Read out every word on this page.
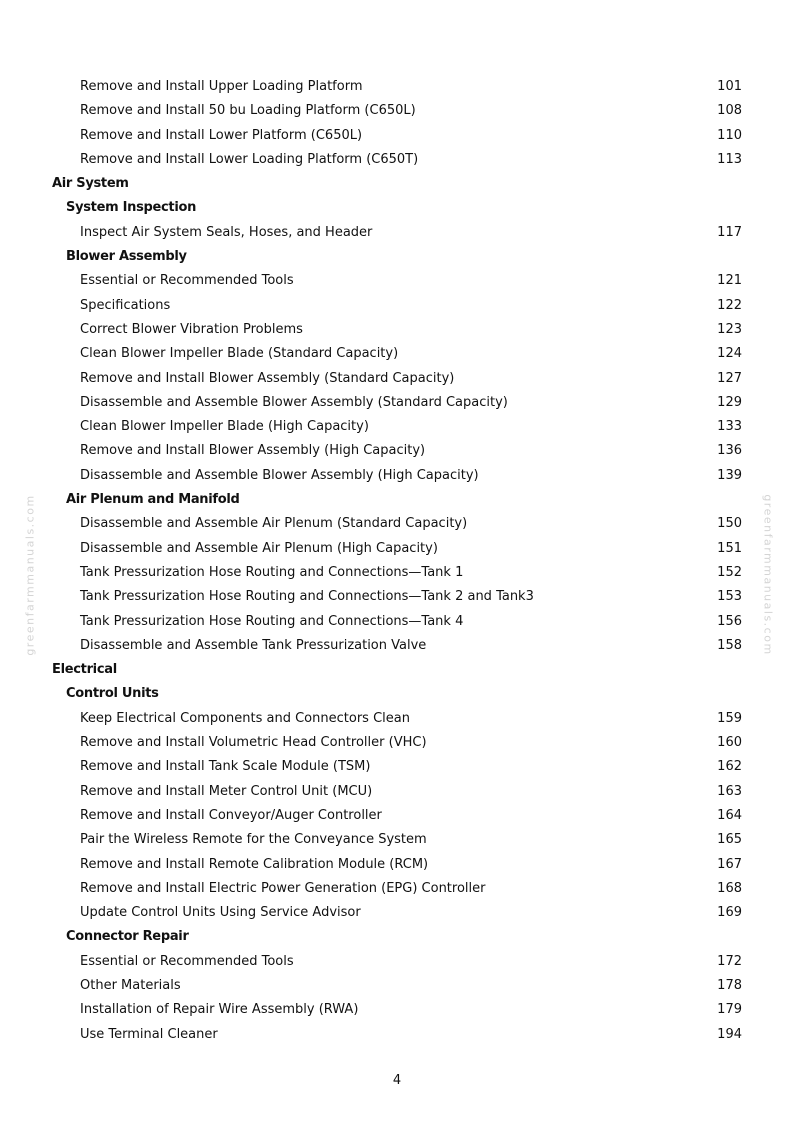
Remove and Install Upper Loading Platform	101
Remove and Install 50 bu Loading Platform (C650L)	108
Remove and Install Lower Platform (C650L)	110
Remove and Install Lower Loading Platform (C650T)	113
Air System
System Inspection
Inspect Air System Seals, Hoses, and Header	117
Blower Assembly
Essential or Recommended Tools	121
Specifications	122
Correct Blower Vibration Problems	123
Clean Blower Impeller Blade (Standard Capacity)	124
Remove and Install Blower Assembly (Standard Capacity)	127
Disassemble and Assemble Blower Assembly (Standard Capacity)	129
Clean Blower Impeller Blade (High Capacity)	133
Remove and Install Blower Assembly (High Capacity)	136
Disassemble and Assemble Blower Assembly (High Capacity)	139
Air Plenum and Manifold
Disassemble and Assemble Air Plenum (Standard Capacity)	150
Disassemble and Assemble Air Plenum (High Capacity)	151
Tank Pressurization Hose Routing and Connections—Tank 1	152
Tank Pressurization Hose Routing and Connections—Tank 2 and Tank3	153
Tank Pressurization Hose Routing and Connections—Tank 4	156
Disassemble and Assemble Tank Pressurization Valve	158
Electrical
Control Units
Keep Electrical Components and Connectors Clean	159
Remove and Install Volumetric Head Controller (VHC)	160
Remove and Install Tank Scale Module (TSM)	162
Remove and Install Meter Control Unit (MCU)	163
Remove and Install Conveyor/Auger Controller	164
Pair the Wireless Remote for the Conveyance System	165
Remove and Install Remote Calibration Module (RCM)	167
Remove and Install Electric Power Generation (EPG) Controller	168
Update Control Units Using Service Advisor	169
Connector Repair
Essential or Recommended Tools	172
Other Materials	178
Installation of Repair Wire Assembly (RWA)	179
Use Terminal Cleaner	194
4
greenfarmmanuals.com	greenfarmmanuals.com
